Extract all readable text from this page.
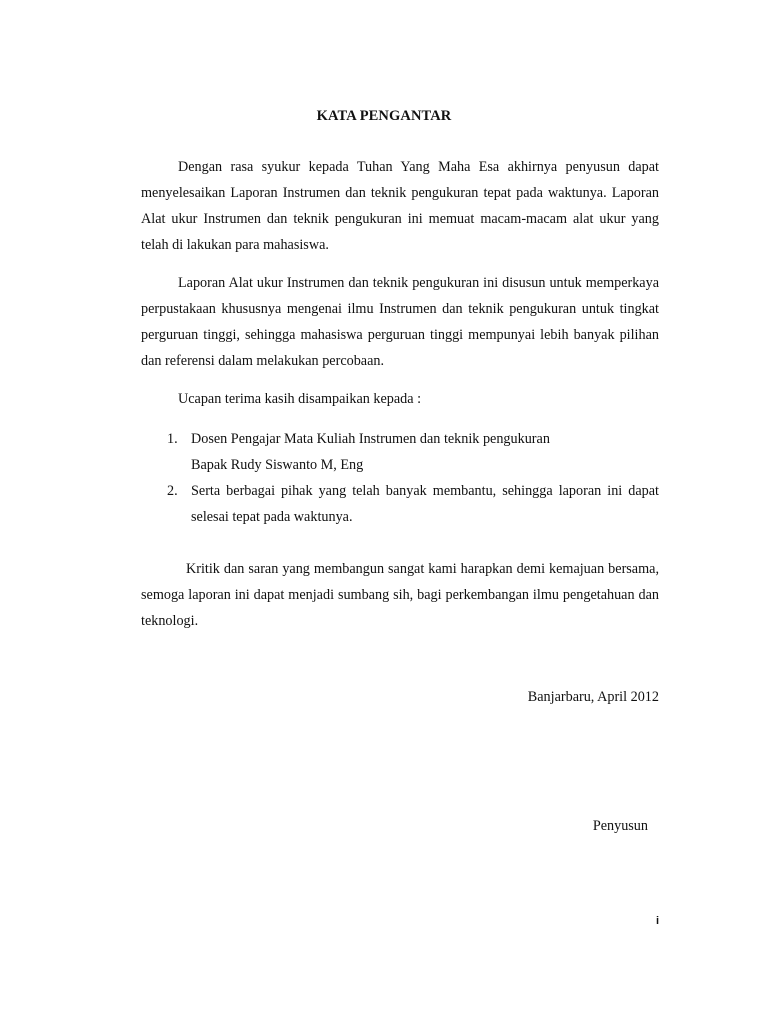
KATA PENGANTAR

Dengan rasa syukur kepada Tuhan Yang Maha Esa akhirnya penyusun dapat menyelesaikan Laporan Instrumen dan teknik pengukuran tepat pada waktunya. Laporan Alat ukur Instrumen dan teknik pengukuran ini memuat macam-macam alat ukur yang telah di lakukan para mahasiswa.

Laporan Alat ukur Instrumen dan teknik pengukuran ini disusun untuk memperkaya perpustakaan khususnya mengenai ilmu Instrumen dan teknik pengukuran untuk tingkat perguruan tinggi, sehingga mahasiswa perguruan tinggi mempunyai lebih banyak pilihan dan referensi dalam melakukan percobaan.

Ucapan terima kasih disampaikan kepada :

1. Dosen Pengajar Mata Kuliah Instrumen dan teknik pengukuran
Bapak Rudy Siswanto M, Eng
2. Serta berbagai pihak yang telah banyak membantu, sehingga laporan ini dapat selesai tepat pada waktunya.

Kritik dan saran yang membangun sangat kami harapkan demi kemajuan bersama, semoga laporan ini dapat menjadi sumbang sih, bagi perkembangan ilmu pengetahuan dan teknologi.

Banjarbaru, April 2012
Penyusun
i
